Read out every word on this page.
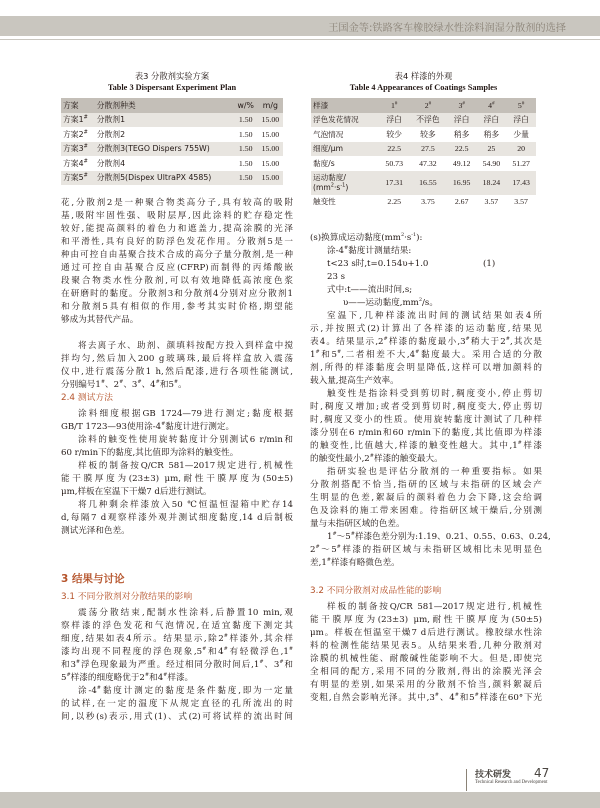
王国金等:铁路客车橡胶绿水性涂料润湿分散剂的选择
表3 分散剂实验方案
Table 3 Dispersant Experiment Plan
方案	分散剂种类	w/%	m/g
方案1#	分散剂1	1.50	15.00
方案2#	分散剂2	1.50	15.00
方案3#	分散剂3(TEGO Dispers 755W)	1.50	15.00
方案4#	分散剂4	1.50	15.00
方案5#	分散剂5(Dispex UltraPX 4585)	1.50	15.00
表4 样漆的外观
Table 4 Appearances of Coatings Samples
样漆	1#	2#	3#	4#	5#
浮色发花情况	浮白	不浮色	浮白	浮白	浮白
气泡情况	较少	较多	稍多	稍多	少量
细度/μm	22.5	27.5	22.5	25	20
黏度/s	50.73	47.32	49.12	54.90	51.27
运动黏度/
$(mm^2\cdot s^{-1})$	17.31	16.55	16.95	18.24	17.43
触变性	2.25	3.75	2.67	3.57	3.57
花,分散剂2是一种聚合物类高分子,具有较高的吸附
基,吸附牢固性强、吸附层厚,因此涂料的贮存稳定性
较好,能提高颜料的着色力和遮盖力,提高涂膜的光泽
和平滑性,具有良好的防浮色发花作用。分散剂5是一
种由可控自由基聚合技术合成的高分子量分散剂,是一种
通过可控自由基聚合反应(CFRP)而制得的丙烯酸嵌
段聚合物类水性分散剂,可以有效地降低高浓度色浆
在研磨时的黏度。分散剂3和分散剂4分别对应分散剂1
和分散剂5具有相似的作用,参考其实时价格,期望能
够成为其替代产品。
将去离子水、助剂、颜填料按配方投入到样盒中搅
拌均匀,然后加入200 g玻璃珠,最后将样盒放入震荡
仪中,进行震荡分散1 h,然后配漆,进行各项性能测试,
分别编号1#、2#、3#、4#和5#。
2.4 测试方法
涂料细度根据GB 1724—79进行测定;黏度根据
GB/T 1723—93使用涂-4#黏度计进行测定。
涂料的触变性使用旋转黏度计分别测试6 r/min和
60 r/min下的黏度,其比值即为涂料的触变性。
样板的制备按Q/CR 581—2017规定进行,机械性
能干膜厚度为(23±3) μm,耐性干膜厚度为(50±5)
μm,样板在室温下干燥7 d后进行测试。
将几种剩余样漆放入50 ℃恒温恒湿箱中贮存14
d,每隔7 d观察样漆外观并测试细度黏度,14 d后制板
测试光泽和色差。
3 结果与讨论
3.1 不同分散剂对分散结果的影响
震荡分散结束,配制水性涂料,后静置10 min,观
察样漆的浮色发花和气泡情况,在适宜黏度下测定其
细度,结果如表4所示。结果显示,除2#样漆外,其余样
漆均出现不同程度的浮色现象,5#和4#有轻微浮色,1#
和3#浮色现象最为严重。经过相同分散时间后,1#、3#和
5#样漆的细度略优于2#和4#样漆。
涂-4#黏度计测定的黏度是条件黏度,即为一定量
的试样,在一定的温度下从规定直径的孔所流出的时
间,以秒(s)表示,用式(1)、式(2)可将试样的流出时间
(s)换算成运动黏度$(mm^2\cdot s^{-1})$:
涂-4#黏度计测量结果:
t<23 s时,t=0.154υ+1.0                    (1)
23 s
式中:t——流出时间,s;
υ——运动黏度$,mm^2/s$。
室温下,几种样漆流出时间的测试结果如表4所
示,并按照式(2)计算出了各样漆的运动黏度,结果见
表4。结果显示,2#样漆的黏度最小,3#稍大于2#,其次是
1#和5#,二者相差不大,4#黏度最大。采用合适的分散
剂,所得的样漆黏度会明显降低,这样可以增加颜料的
载入量,提高生产效率。
触变性是指涂料受到剪切时,稠度变小,停止剪切
时,稠度又增加;或者受到剪切时,稠度变大,停止剪切
时,稠度又变小的性质。使用旋转黏度计测试了几种样
漆分别在6 r/min和60 r/min下的黏度,其比值即为样漆
的触变性,比值越大,样漆的触变性越大。其中,1#样漆
的触变性最小,2#样漆的触变最大。
指研实验也是评估分散剂的一种重要指标。如果
分散剂搭配不恰当,指研的区域与未指研的区域会产
生明显的色差,絮凝后的颜料着色力会下降,这会给调
色及涂料的施工带来困难。待指研区域干燥后,分别测
量与未指研区域的色差。
1#～5#样漆色差分别为:1.19、0.21、0.55、0.63、0.24,
2#～5#样漆的指研区域与未指研区域相比未见明显色
差,1#样漆有略微色差。
3.2 不同分散剂对成品性能的影响
样板的制备按Q/CR 581—2017规定进行,机械性
能干膜厚度为(23±3) μm,耐性干膜厚度为(50±5)
μm。样板在恒温室干燥7 d后进行测试。橡胶绿水性涂
料的检测性能结果见表5。从结果来看,几种分散剂对
涂膜的机械性能、耐酸碱性能影响不大。但是,即使完
全相同的配方,采用不同的分散剂,得出的涂膜光泽会
有明显的差别,如果采用的分散剂不恰当,颜料絮凝后
变粗,自然会影响光泽。其中,3#、4#和5#样漆在60°下光
技术研发
Technical Research and Development
47
